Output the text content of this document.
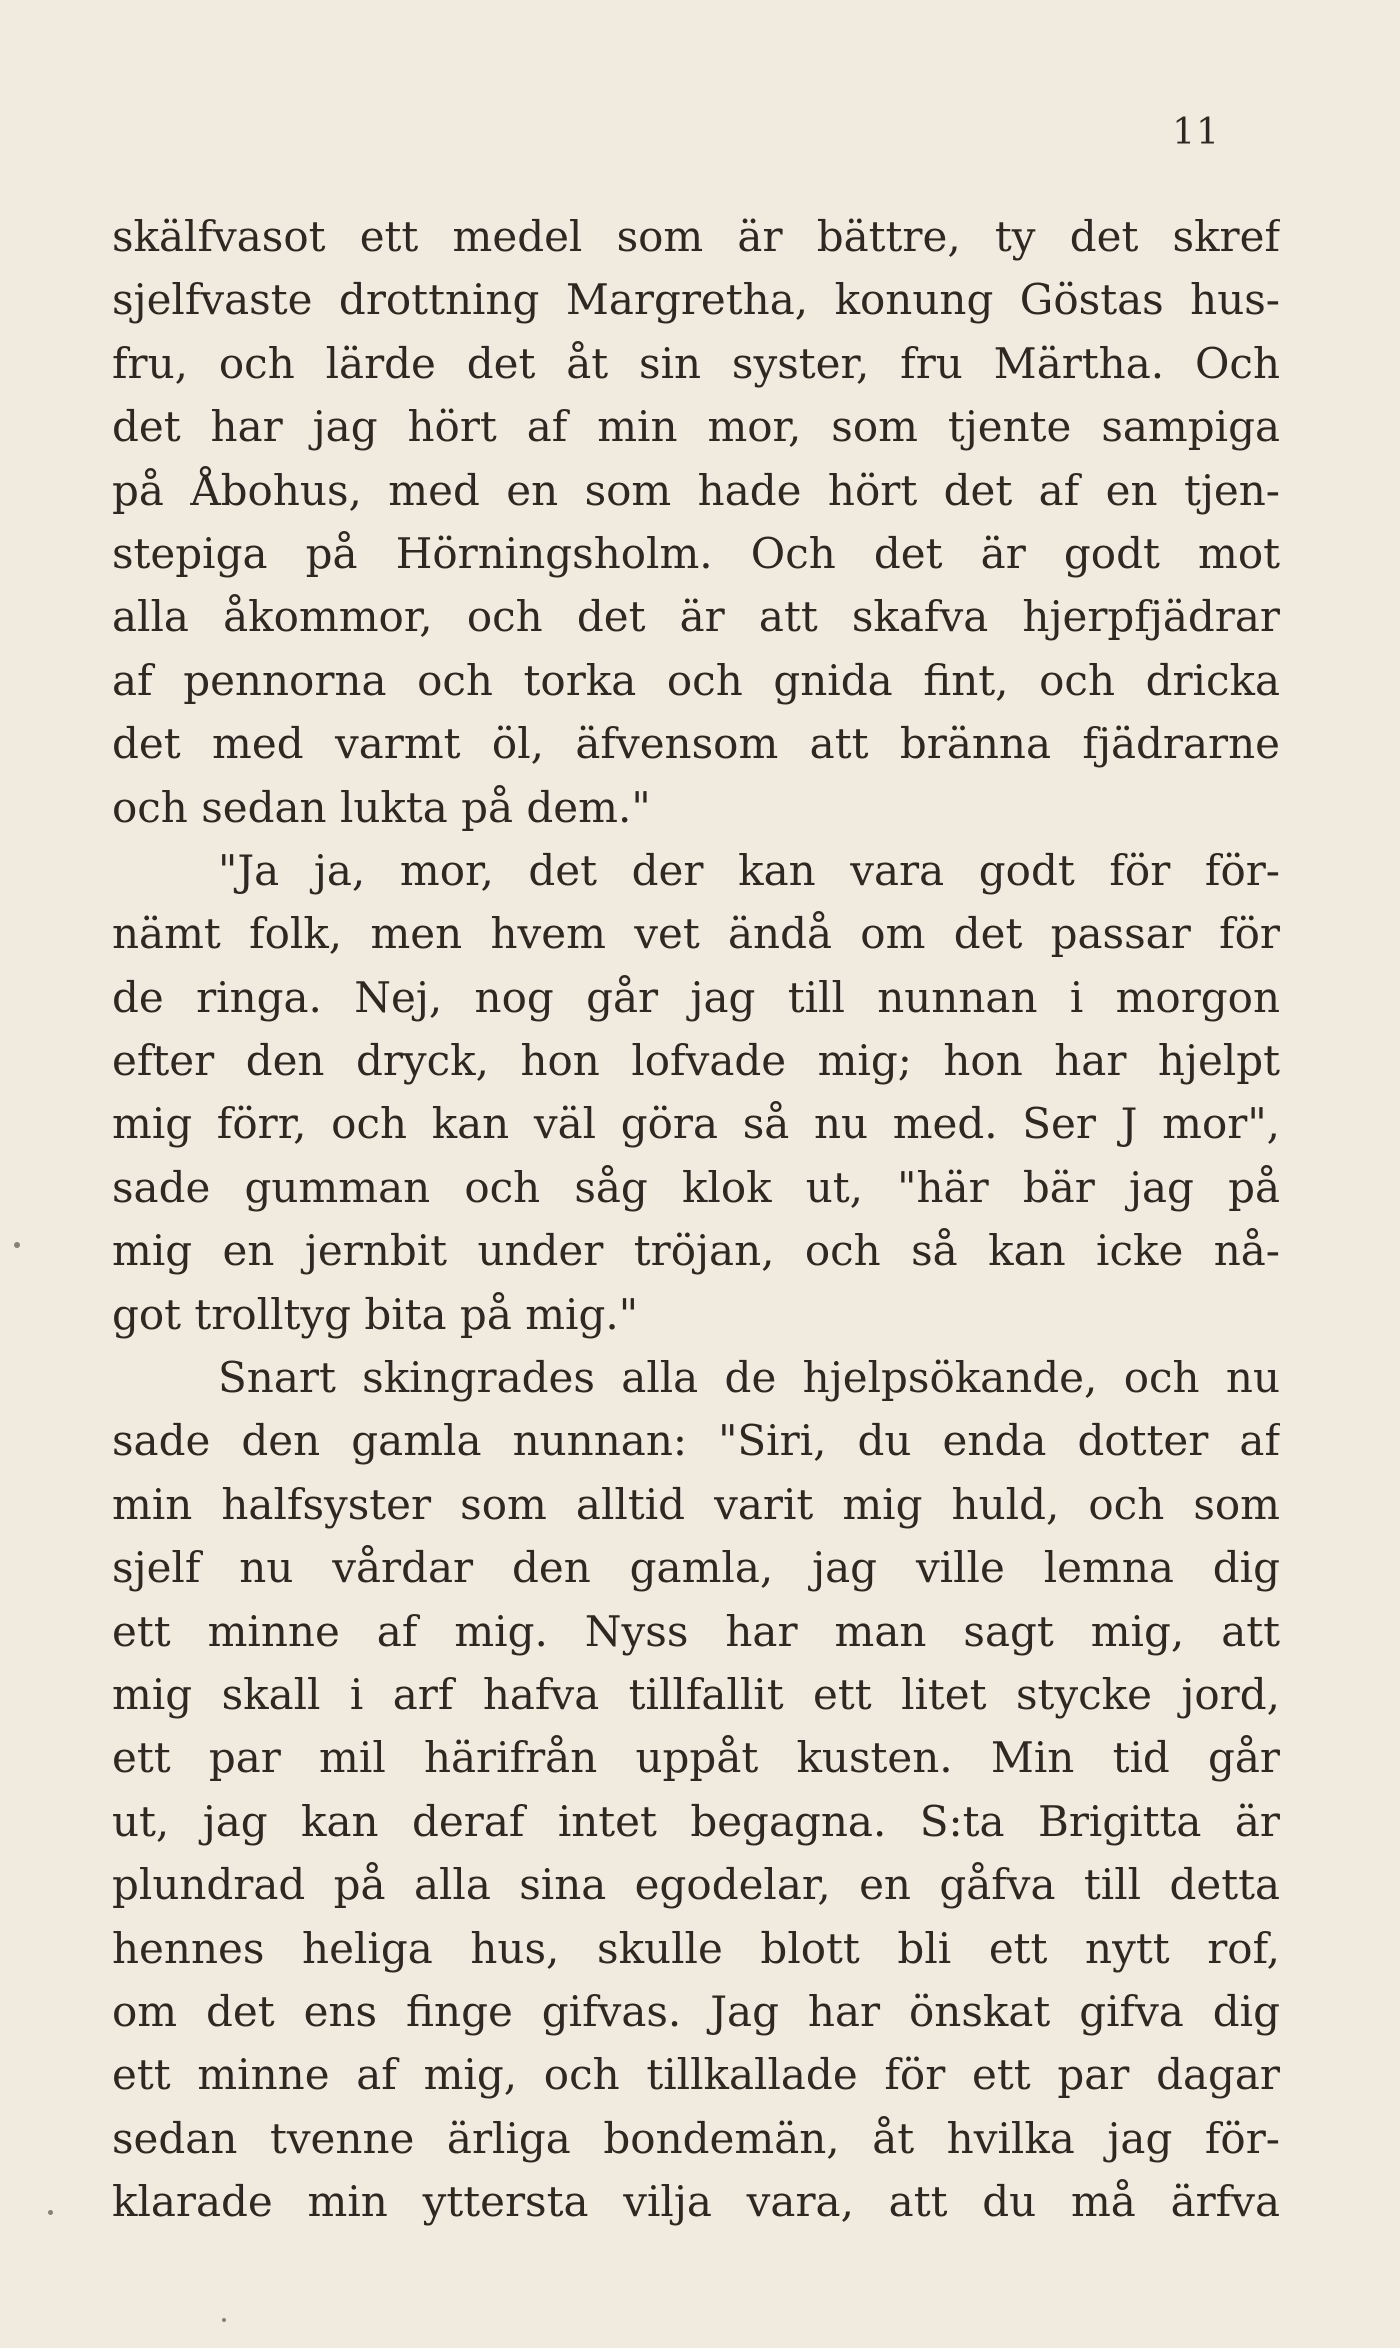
11
skälfvasot ett medel som är bättre, ty det skref
sjelfvaste drottning Margretha, konung Göstas hus-
fru, och lärde det åt sin syster, fru Märtha. Och
det har jag hört af min mor, som tjente sampiga
på Åbohus, med en som hade hört det af en tjen-
stepiga på Hörningsholm. Och det är godt mot
alla åkommor, och det är att skafva hjerpfjädrar
af pennorna och torka och gnida fint, och dricka
det med varmt öl, äfvensom att bränna fjädrarne
och sedan lukta på dem."
"Ja ja, mor, det der kan vara godt för för-
nämt folk, men hvem vet ändå om det passar för
de ringa. Nej, nog går jag till nunnan i morgon
efter den dryck, hon lofvade mig; hon har hjelpt
mig förr, och kan väl göra så nu med. Ser J mor",
sade gumman och såg klok ut, "här bär jag på
mig en jernbit under tröjan, och så kan icke nå-
got trolltyg bita på mig."
Snart skingrades alla de hjelpsökande, och nu
sade den gamla nunnan: "Siri, du enda dotter af
min halfsyster som alltid varit mig huld, och som
sjelf nu vårdar den gamla, jag ville lemna dig
ett minne af mig. Nyss har man sagt mig, att
mig skall i arf hafva tillfallit ett litet stycke jord,
ett par mil härifrån uppåt kusten. Min tid går
ut, jag kan deraf intet begagna. S:ta Brigitta är
plundrad på alla sina egodelar, en gåfva till detta
hennes heliga hus, skulle blott bli ett nytt rof,
om det ens finge gifvas. Jag har önskat gifva dig
ett minne af mig, och tillkallade för ett par dagar
sedan tvenne ärliga bondemän, åt hvilka jag för-
klarade min yttersta vilja vara, att du må ärfva
